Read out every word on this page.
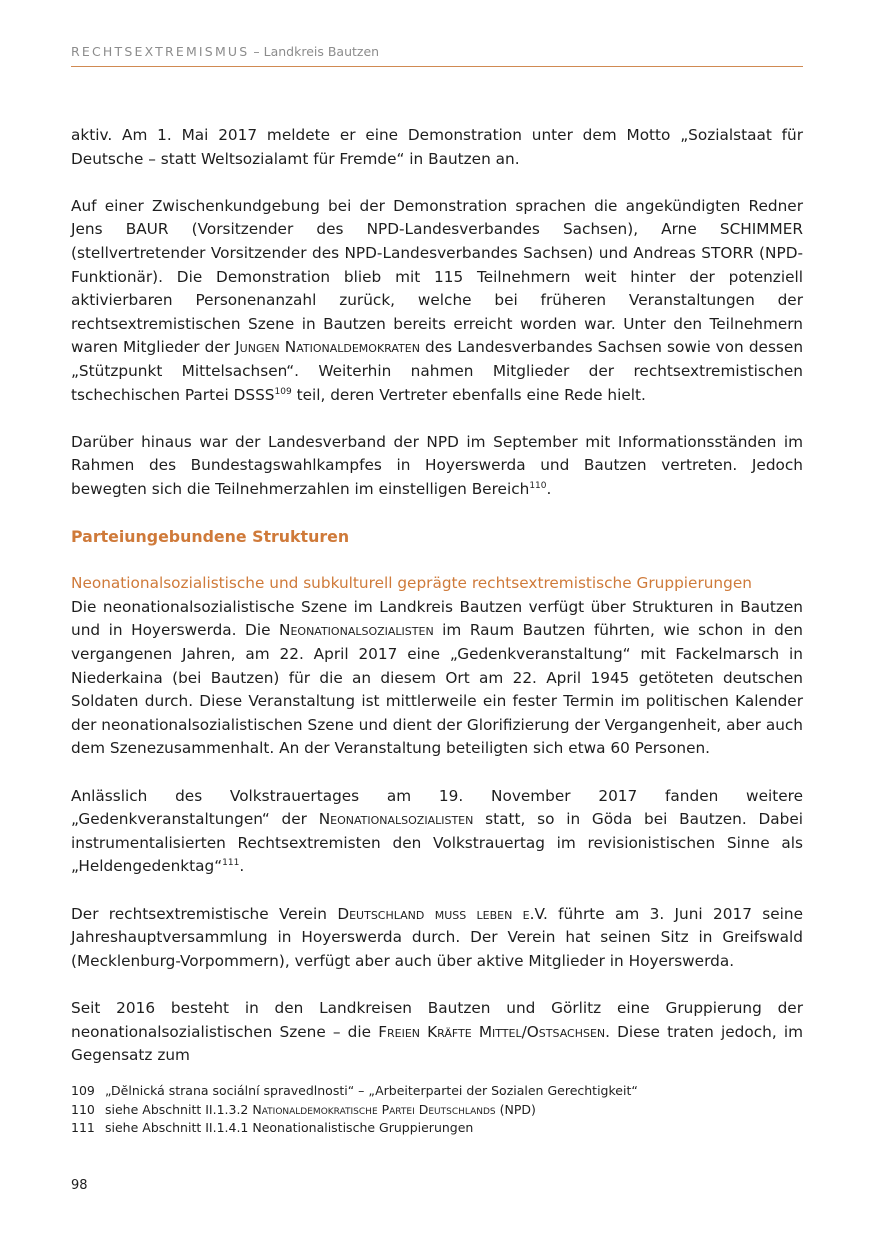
RECHTSEXTREMISMUS – Landkreis Bautzen

aktiv. Am 1. Mai 2017 meldete er eine Demonstration unter dem Motto „Sozialstaat für Deutsche – statt Weltsozialamt für Fremde“ in Bautzen an.

Auf einer Zwischenkundgebung bei der Demonstration sprachen die angekündigten Redner Jens BAUR (Vorsitzender des NPD-Landesverbandes Sachsen), Arne SCHIMMER (stellvertretender Vorsitzender des NPD-Landesverbandes Sachsen) und Andreas STORR (NPD-Funktionär). Die Demonstration blieb mit 115 Teilnehmern weit hinter der potenziell aktivierbaren Personenanzahl zurück, welche bei früheren Veranstaltungen der rechtsextremistischen Szene in Bautzen bereits erreicht worden war. Unter den Teilnehmern waren Mitglieder der Jungen Nationaldemokraten des Landesverbandes Sachsen sowie von dessen „Stützpunkt Mittelsachsen“. Weiterhin nahmen Mitglieder der rechtsextremistischen tschechischen Partei DSSS$^{109}$ teil, deren Vertreter ebenfalls eine Rede hielt.

Darüber hinaus war der Landesverband der NPD im September mit Informationsständen im Rahmen des Bundestagswahlkampfes in Hoyerswerda und Bautzen vertreten. Jedoch bewegten sich die Teilnehmerzahlen im einstelligen Bereich$^{110}$.

Parteiungebundene Strukturen
Neonationalsozialistische und subkulturell geprägte rechtsextremistische Gruppierungen

Die neonationalsozialistische Szene im Landkreis Bautzen verfügt über Strukturen in Bautzen und in Hoyerswerda. Die Neonationalsozialisten im Raum Bautzen führten, wie schon in den vergangenen Jahren, am 22. April 2017 eine „Gedenkveranstaltung“ mit Fackelmarsch in Niederkaina (bei Bautzen) für die an diesem Ort am 22. April 1945 getöteten deutschen Soldaten durch. Diese Veranstaltung ist mittlerweile ein fester Termin im politischen Kalender der neonationalsozialistischen Szene und dient der Glorifizierung der Vergangenheit, aber auch dem Szenezusammenhalt. An der Veranstaltung beteiligten sich etwa 60 Personen.

Anlässlich des Volkstrauertages am 19. November 2017 fanden weitere „Gedenkveranstaltungen“ der Neonationalsozialisten statt, so in Göda bei Bautzen. Dabei instrumentalisierten Rechtsextremisten den Volkstrauertag im revisionistischen Sinne als „Heldengedenktag“$^{111}$.

Der rechtsextremistische Verein Deutschland muss leben e.V. führte am 3. Juni 2017 seine Jahreshauptversammlung in Hoyerswerda durch. Der Verein hat seinen Sitz in Greifswald (Mecklenburg-Vorpommern), verfügt aber auch über aktive Mitglieder in Hoyerswerda.

Seit 2016 besteht in den Landkreisen Bautzen und Görlitz eine Gruppierung der neonationalsozialistischen Szene – die Freien Kräfte Mittel/Ostsachsen. Diese traten jedoch, im Gegensatz zum

109 „Dĕlnická strana sociální spravedlnosti“ – „Arbeiterpartei der Sozialen Gerechtigkeit“
110 siehe Abschnitt II.1.3.2 Nationaldemokratische Partei Deutschlands (NPD)
111 siehe Abschnitt II.1.4.1 Neonationalistische Gruppierungen
98
